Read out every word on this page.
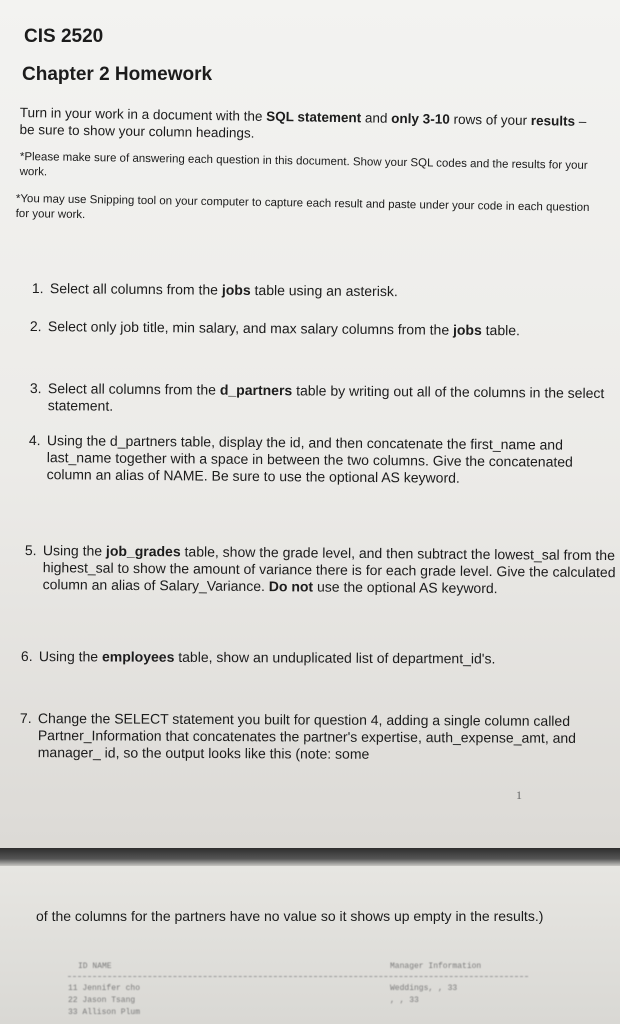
CIS 2520
Chapter 2 Homework
Turn in your work in a document with the SQL statement and only 3-10 rows of your results – be sure to show your column headings.
*Please make sure of answering each question in this document. Show your SQL codes and the results for your work.
*You may use Snipping tool on your computer to capture each result and paste under your code in each question for your work.
1. Select all columns from the jobs table using an asterisk.
2. Select only job title, min salary, and max salary columns from the jobs table.
3. Select all columns from the d_partners table by writing out all of the columns in the select statement.
4. Using the d_partners table, display the id, and then concatenate the first_name and last_name together with a space in between the two columns. Give the concatenated column an alias of NAME. Be sure to use the optional AS keyword.
5. Using the job_grades table, show the grade level, and then subtract the lowest_sal from the highest_sal to show the amount of variance there is for each grade level. Give the calculated column an alias of Salary_Variance. Do not use the optional AS keyword.
6. Using the employees table, show an unduplicated list of department_id's.
7. Change the SELECT statement you built for question 4, adding a single column called Partner_Information that concatenates the partner's expertise, auth_expense_amt, and manager_ id, so the output looks like this (note: some
1
of the columns for the partners have no value so it shows up empty in the results.)
ID NAME	Manager Information
11 Jennifer cho	Weddings, , 33
22 Jason Tsang	, , 33
33 Allison Plum
